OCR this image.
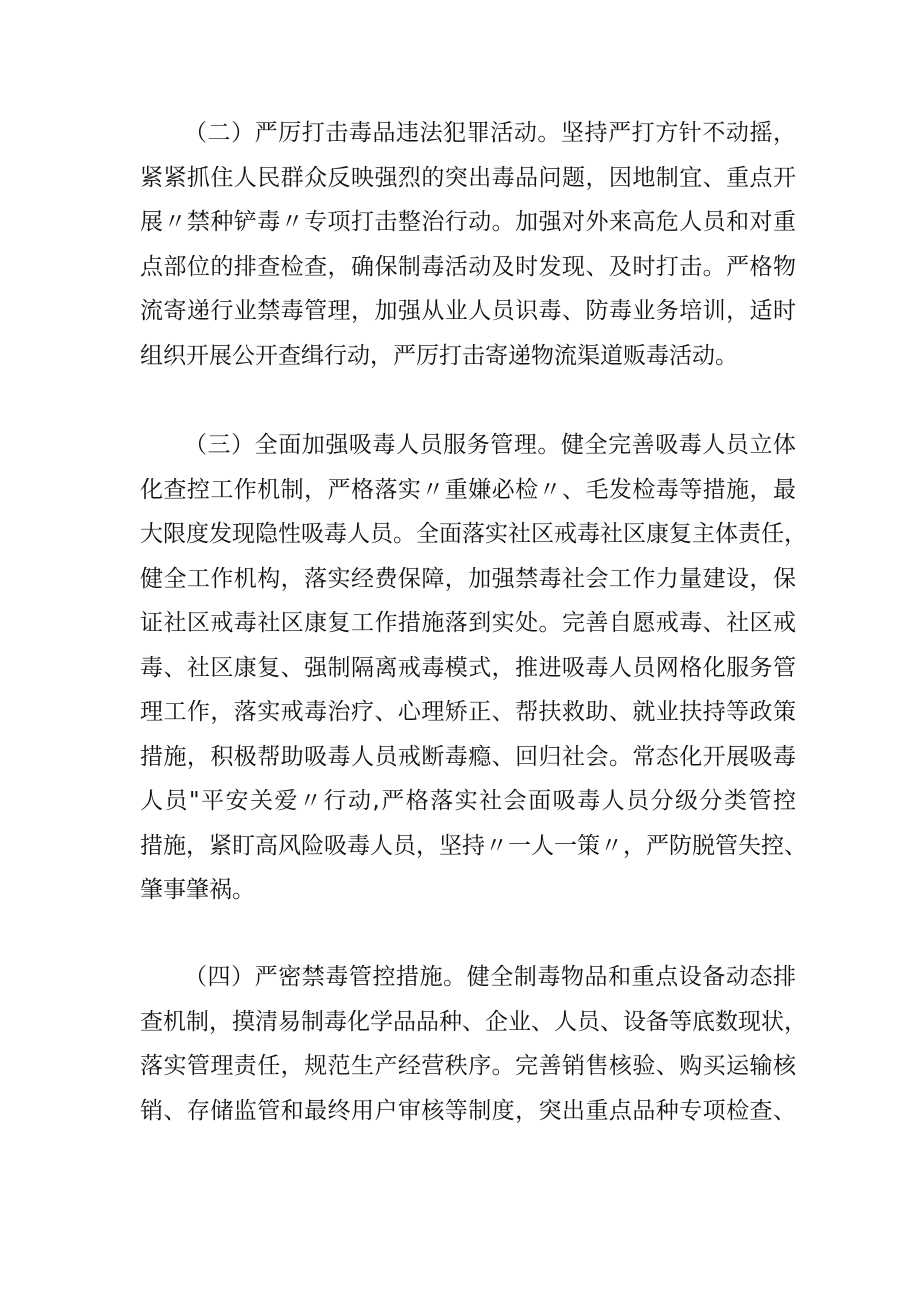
（二）严厉打击毒品违法犯罪活动。坚持严打方针不动摇，
紧紧抓住人民群众反映强烈的突出毒品问题，因地制宜、重点开
展〃禁种铲毒〃专项打击整治行动。加强对外来高危人员和对重
点部位的排查检查，确保制毒活动及时发现、及时打击。严格物
流寄递行业禁毒管理，加强从业人员识毒、防毒业务培训，适时
组织开展公开查缉行动，严厉打击寄递物流渠道贩毒活动。
（三）全面加强吸毒人员服务管理。健全完善吸毒人员立体
化查控工作机制，严格落实〃重嫌必检〃、毛发检毒等措施，最
大限度发现隐性吸毒人员。全面落实社区戒毒社区康复主体责任，
健全工作机构，落实经费保障，加强禁毒社会工作力量建设，保
证社区戒毒社区康复工作措施落到实处。完善自愿戒毒、社区戒
毒、社区康复、强制隔离戒毒模式，推进吸毒人员网格化服务管
理工作，落实戒毒治疗、心理矫正、帮扶救助、就业扶持等政策
措施，积极帮助吸毒人员戒断毒瘾、回归社会。常态化开展吸毒
人员"平安关爱〃行动,严格落实社会面吸毒人员分级分类管控
措施，紧盯高风险吸毒人员，坚持〃一人一策〃，严防脱管失控、
肇事肇祸。
（四）严密禁毒管控措施。健全制毒物品和重点设备动态排
查机制，摸清易制毒化学品品种、企业、人员、设备等底数现状，
落实管理责任，规范生产经营秩序。完善销售核验、购买运输核
销、存储监管和最终用户审核等制度，突出重点品种专项检查、
